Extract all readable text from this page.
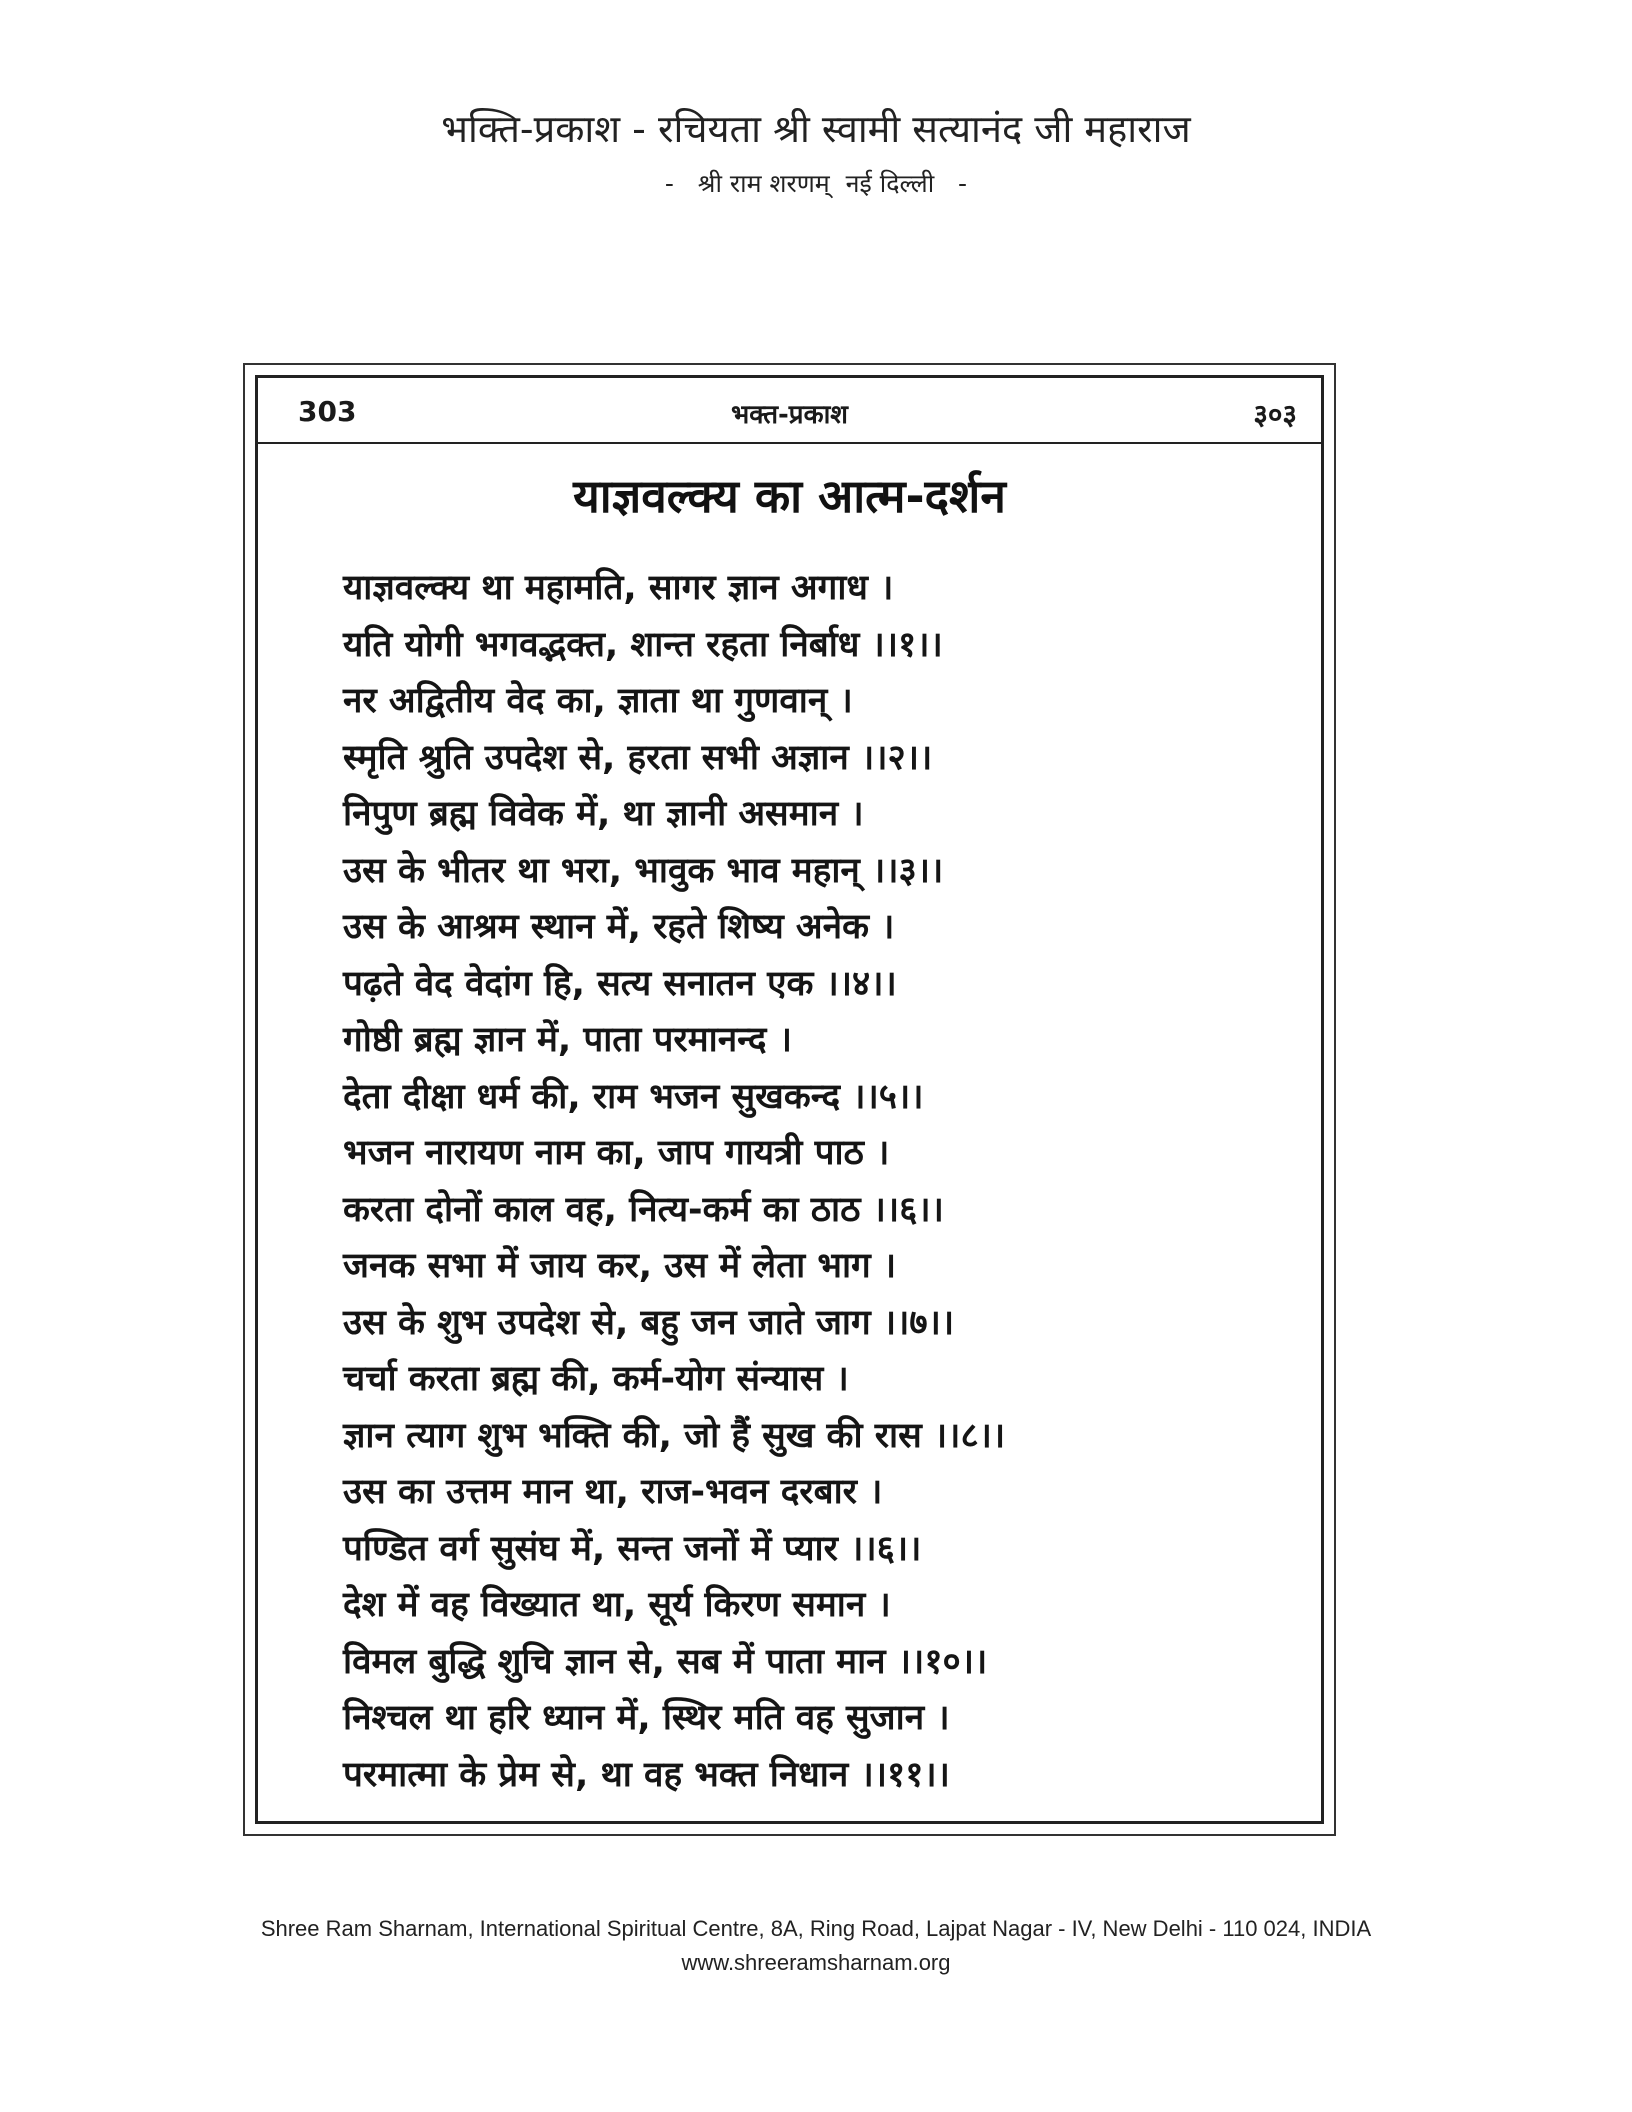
भक्ति-प्रकाश - रचियता श्री स्वामी सत्यानंद जी महाराज
-   श्री राम शरणम्  नई दिल्ली   -
303	भक्त-प्रकाश	३०३
याज्ञवल्क्य का आत्म-दर्शन
याज्ञवल्क्य था महामति, सागर ज्ञान अगाध ।
यति योगी भगवद्भक्त, शान्त रहता निर्बाध ।।१।।
नर अद्वितीय वेद का, ज्ञाता था गुणवान् ।
स्मृति श्रुति उपदेश से, हरता सभी अज्ञान ।।२।।
निपुण ब्रह्म विवेक में, था ज्ञानी असमान ।
उस के भीतर था भरा, भावुक भाव महान् ।।३।।
उस के आश्रम स्थान में, रहते शिष्य अनेक ।
पढ़ते वेद वेदांग हि, सत्य सनातन एक ।।४।।
गोष्ठी ब्रह्म ज्ञान में, पाता परमानन्द ।
देता दीक्षा धर्म की, राम भजन सुखकन्द ।।५।।
भजन नारायण नाम का, जाप गायत्री पाठ ।
करता दोनों काल वह, नित्य-कर्म का ठाठ ।।६।।
जनक सभा में जाय कर, उस में लेता भाग ।
उस के शुभ उपदेश से, बहु जन जाते जाग ।।७।।
चर्चा करता ब्रह्म की, कर्म-योग संन्यास ।
ज्ञान त्याग शुभ भक्ति की, जो हैं सुख की रास ।।८।।
उस का उत्तम मान था, राज-भवन दरबार ।
पण्डित वर्ग सुसंघ में, सन्त जनों में प्यार ।।६।।
देश में वह विख्यात था, सूर्य किरण समान ।
विमल बुद्धि शुचि ज्ञान से, सब में पाता मान ।।१०।।
निश्चल था हरि ध्यान में, स्थिर मति वह सुजान ।
परमात्मा के प्रेम से, था वह भक्त निधान ।।११।।
Shree Ram Sharnam, International Spiritual Centre, 8A, Ring Road, Lajpat Nagar - IV, New Delhi - 110 024, INDIA
www.shreeramsharnam.org
